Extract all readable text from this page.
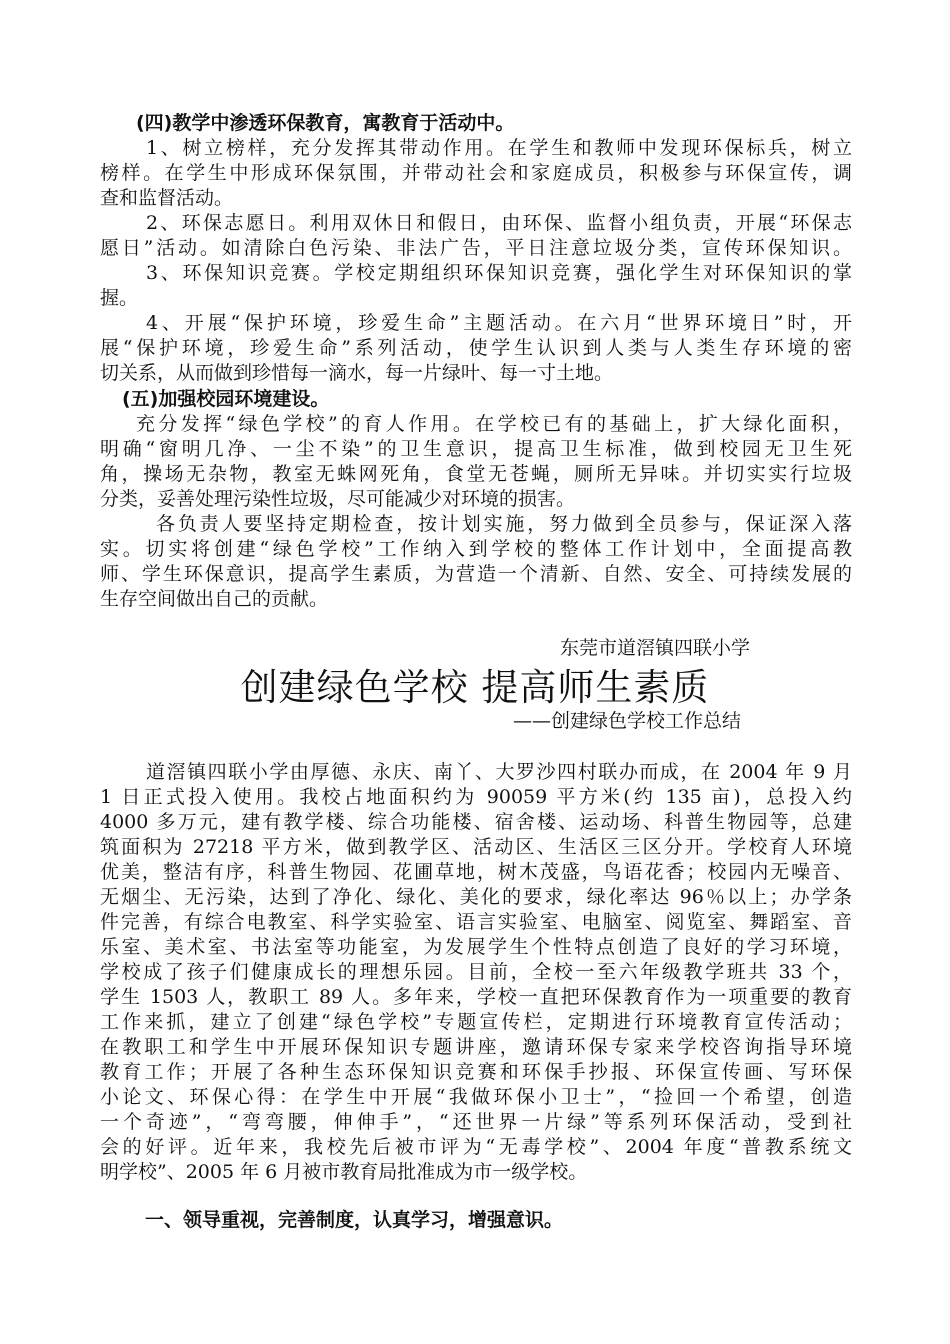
(四)教学中渗透环保教育，寓教育于活动中。
1、树立榜样，充分发挥其带动作用。在学生和教师中发现环保标兵，树立
榜样。在学生中形成环保氛围，并带动社会和家庭成员，积极参与环保宣传，调
查和监督活动。
2、环保志愿日。利用双休日和假日，由环保、监督小组负责，开展“环保志
愿日”活动。如清除白色污染、非法广告，平日注意垃圾分类，宣传环保知识。
3、环保知识竞赛。学校定期组织环保知识竞赛，强化学生对环保知识的掌
握。
4、开展“保护环境，珍爱生命”主题活动。在六月“世界环境日”时，开
展“保护环境，珍爱生命”系列活动，使学生认识到人类与人类生存环境的密
切关系，从而做到珍惜每一滴水，每一片绿叶、每一寸土地。
(五)加强校园环境建设。
充分发挥“绿色学校”的育人作用。在学校已有的基础上，扩大绿化面积，
明确“窗明几净、一尘不染”的卫生意识，提高卫生标准，做到校园无卫生死
角，操场无杂物，教室无蛛网死角，食堂无苍蝇，厕所无异味。并切实实行垃圾
分类，妥善处理污染性垃圾，尽可能减少对环境的损害。
各负责人要坚持定期检查，按计划实施，努力做到全员参与，保证深入落
实。切实将创建“绿色学校”工作纳入到学校的整体工作计划中，全面提高教
师、学生环保意识，提高学生素质，为营造一个清新、自然、安全、可持续发展的
生存空间做出自己的贡献。
东莞市道滘镇四联小学
创建绿色学校 提高师生素质
——创建绿色学校工作总结
道滘镇四联小学由厚德、永庆、南丫、大罗沙四村联办而成，在 2004 年 9 月
1 日正式投入使用。我校占地面积约为 90059 平方米(约 135 亩)，总投入约
4000 多万元，建有教学楼、综合功能楼、宿舍楼、运动场、科普生物园等，总建
筑面积为 27218 平方米，做到教学区、活动区、生活区三区分开。学校育人环境
优美，整洁有序，科普生物园、花圃草地，树木茂盛，鸟语花香；校园内无噪音、
无烟尘、无污染，达到了净化、绿化、美化的要求，绿化率达 96％以上；办学条
件完善，有综合电教室、科学实验室、语言实验室、电脑室、阅览室、舞蹈室、音
乐室、美术室、书法室等功能室，为发展学生个性特点创造了良好的学习环境，
学校成了孩子们健康成长的理想乐园。目前，全校一至六年级教学班共 33 个，
学生 1503 人，教职工 89 人。多年来，学校一直把环保教育作为一项重要的教育
工作来抓，建立了创建“绿色学校”专题宣传栏，定期进行环境教育宣传活动；
在教职工和学生中开展环保知识专题讲座，邀请环保专家来学校咨询指导环境
教育工作；开展了各种生态环保知识竞赛和环保手抄报、环保宣传画、写环保
小论文、环保心得：在学生中开展“我做环保小卫士”，“捡回一个希望，创造
一个奇迹”，“弯弯腰，伸伸手”，“还世界一片绿”等系列环保活动，受到社
会的好评。近年来，我校先后被市评为“无毒学校”、2004 年度“普教系统文
明学校”、2005 年 6 月被市教育局批准成为市一级学校。
一、领导重视，完善制度，认真学习，增强意识。
